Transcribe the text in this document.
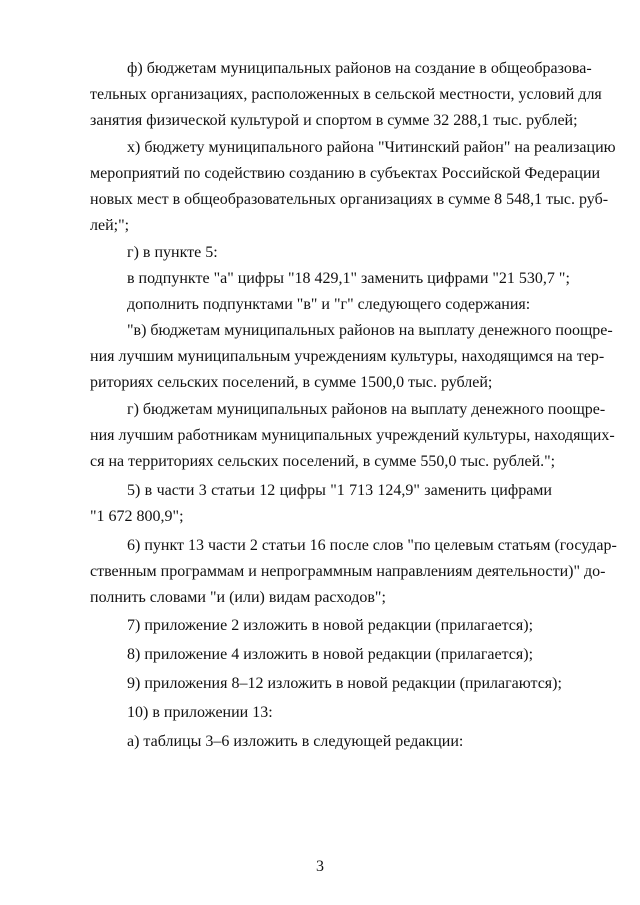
ф) бюджетам муниципальных районов на создание в общеобразова-
тельных организациях, расположенных в сельской местности, условий для
занятия физической культурой и спортом в сумме 32 288,1 тыс. рублей;
х) бюджету муниципального района "Читинский район" на реализацию
мероприятий по содействию созданию в субъектах Российской Федерации
новых мест в общеобразовательных организациях в сумме 8 548,1 тыс. руб-
лей;";
г) в пункте 5:
в подпункте "а" цифры "18 429,1" заменить цифрами "21 530,7 ";
дополнить подпунктами "в" и "г" следующего содержания:
"в) бюджетам муниципальных районов на выплату денежного поощре-
ния лучшим муниципальным учреждениям культуры, находящимся на тер-
риториях сельских поселений, в сумме 1500,0 тыс. рублей;
г) бюджетам муниципальных районов на выплату денежного поощре-
ния лучшим работникам муниципальных учреждений культуры, находящих-
ся на территориях сельских поселений, в сумме 550,0 тыс. рублей.";
5) в части 3 статьи 12 цифры "1 713 124,9" заменить цифрами
"1 672 800,9";
6) пункт 13 части 2 статьи 16 после слов "по целевым статьям (государ-
ственным программам и непрограммным направлениям деятельности)" до-
полнить словами "и (или) видам расходов";
7) приложение 2 изложить в новой редакции (прилагается);
8) приложение 4 изложить в новой редакции (прилагается);
9) приложения 8–12 изложить в новой редакции (прилагаются);
10) в приложении 13:
а) таблицы 3–6 изложить в следующей редакции:
3
